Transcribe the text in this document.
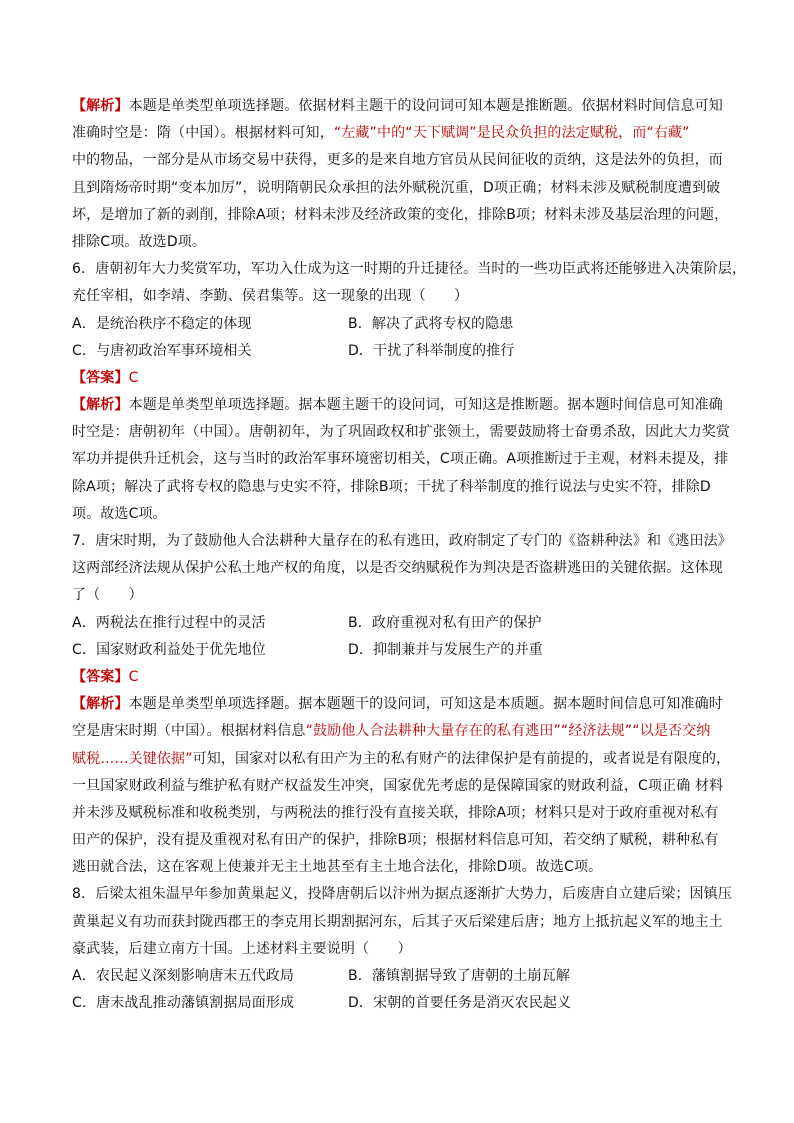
【解析】本题是单类型单项选择题。依据材料主题干的设问词可知本题是推断题。依据材料时间信息可知
准确时空是：隋（中国）。根据材料可知，“左藏”中的“天下赋调”是民众负担的法定赋税，而“右藏”
中的物品，一部分是从市场交易中获得，更多的是来自地方官员从民间征收的贡纳，这是法外的负担，而
且到隋炀帝时期“变本加厉”，说明隋朝民众承担的法外赋税沉重，D项正确；材料未涉及赋税制度遭到破
坏，是增加了新的剥削，排除A项；材料未涉及经济政策的变化，排除B项；材料未涉及基层治理的问题，
排除C项。故选D项。
6．唐朝初年大力奖赏军功，军功入仕成为这一时期的升迁捷径。当时的一些功臣武将还能够进入决策阶层，
充任宰相，如李靖、李勤、侯君集等。这一现象的出现（　　）
A．是统治秩序不稳定的体现	B．解决了武将专权的隐患
C．与唐初政治军事环境相关	D．干扰了科举制度的推行
【答案】C
【解析】本题是单类型单项选择题。据本题主题干的设问词，可知这是推断题。据本题时间信息可知准确
时空是：唐朝初年（中国）。唐朝初年，为了巩固政权和扩张领土，需要鼓励将士奋勇杀敌，因此大力奖赏
军功并提供升迁机会，这与当时的政治军事环境密切相关，C项正确。A项推断过于主观，材料未提及，排
除A项；解决了武将专权的隐患与史实不符，排除B项；干扰了科举制度的推行说法与史实不符，排除D
项。故选C项。
7．唐宋时期，为了鼓励他人合法耕种大量存在的私有逃田，政府制定了专门的《盗耕种法》和《逃田法》
这两部经济法规从保护公私土地产权的角度，以是否交纳赋税作为判决是否盗耕逃田的关键依据。这体现
了（　　）
A．两税法在推行过程中的灵活	B．政府重视对私有田产的保护
C．国家财政利益处于优先地位	D．抑制兼并与发展生产的并重
【答案】C
【解析】本题是单类型单项选择题。据本题题干的设问词，可知这是本质题。据本题时间信息可知准确时
空是唐宋时期（中国）。根据材料信息“鼓励他人合法耕种大量存在的私有逃田”“经济法规”“以是否交纳
赋税……关键依据”可知，国家对以私有田产为主的私有财产的法律保护是有前提的，或者说是有限度的，
一旦国家财政利益与维护私有财产权益发生冲突，国家优先考虑的是保障国家的财政利益，C项正确 材料
并未涉及赋税标准和收税类别，与两税法的推行没有直接关联，排除A项；材料只是对于政府重视对私有
田产的保护，没有提及重视对私有田产的保护，排除B项；根据材料信息可知，若交纳了赋税，耕种私有
逃田就合法，这在客观上使兼并无主土地甚至有主土地合法化，排除D项。故选C项。
8．后梁太祖朱温早年参加黄巢起义，投降唐朝后以汴州为据点逐渐扩大势力，后废唐自立建后梁；因镇压
黄巢起义有功而获封陇西郡王的李克用长期割据河东，后其子灭后梁建后唐；地方上抵抗起义军的地主土
豪武装，后建立南方十国。上述材料主要说明（　　）
A．农民起义深刻影响唐末五代政局	B．藩镇割据导致了唐朝的土崩瓦解
C．唐末战乱推动藩镇割据局面形成	D．宋朝的首要任务是消灭农民起义
